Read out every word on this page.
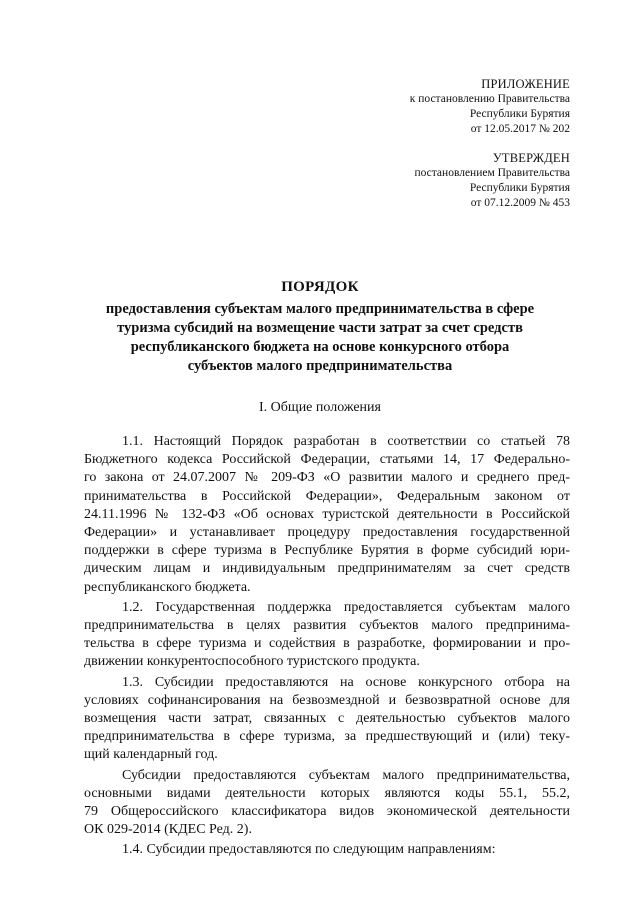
ПРИЛОЖЕНИЕ
к постановлению Правительства
Республики Бурятия
от 12.05.2017 № 202
УТВЕРЖДЕН
постановлением Правительства
Республики Бурятия
от 07.12.2009 № 453
ПОРЯДОК
предоставления субъектам малого предпринимательства в сфере
туризма субсидий на возмещение части затрат за счет средств
республиканского бюджета на основе конкурсного отбора
субъектов малого предпринимательства
I. Общие положения

1.1. Настоящий Порядок разработан в соответствии со статьей 78
Бюджетного кодекса Российской Федерации, статьями 14, 17 Федерально-
го закона от 24.07.2007 № 209-ФЗ «О развитии малого и среднего пред-
принимательства в Российской Федерации», Федеральным законом от
24.11.1996 № 132-ФЗ «Об основах туристской деятельности в Российской
Федерации» и устанавливает процедуру предоставления государственной
поддержки в сфере туризма в Республике Бурятия в форме субсидий юри-
дическим лицам и индивидуальным предпринимателям за счет средств
республиканского бюджета.

1.2. Государственная поддержка предоставляется субъектам малого
предпринимательства в целях развития субъектов малого предпринима-
тельства в сфере туризма и содействия в разработке, формировании и про-
движении конкурентоспособного туристского продукта.

1.3. Субсидии предоставляются на основе конкурсного отбора на
условиях софинансирования на безвозмездной и безвозвратной основе для
возмещения части затрат, связанных с деятельностью субъектов малого
предпринимательства в сфере туризма, за предшествующий и (или) теку-
щий календарный год.

Субсидии предоставляются субъектам малого предпринимательства,
основными видами деятельности которых являются коды 55.1, 55.2,
79 Общероссийского классификатора видов экономической деятельности
ОК 029-2014 (КДЕС Ред. 2).

1.4. Субсидии предоставляются по следующим направлениям:
